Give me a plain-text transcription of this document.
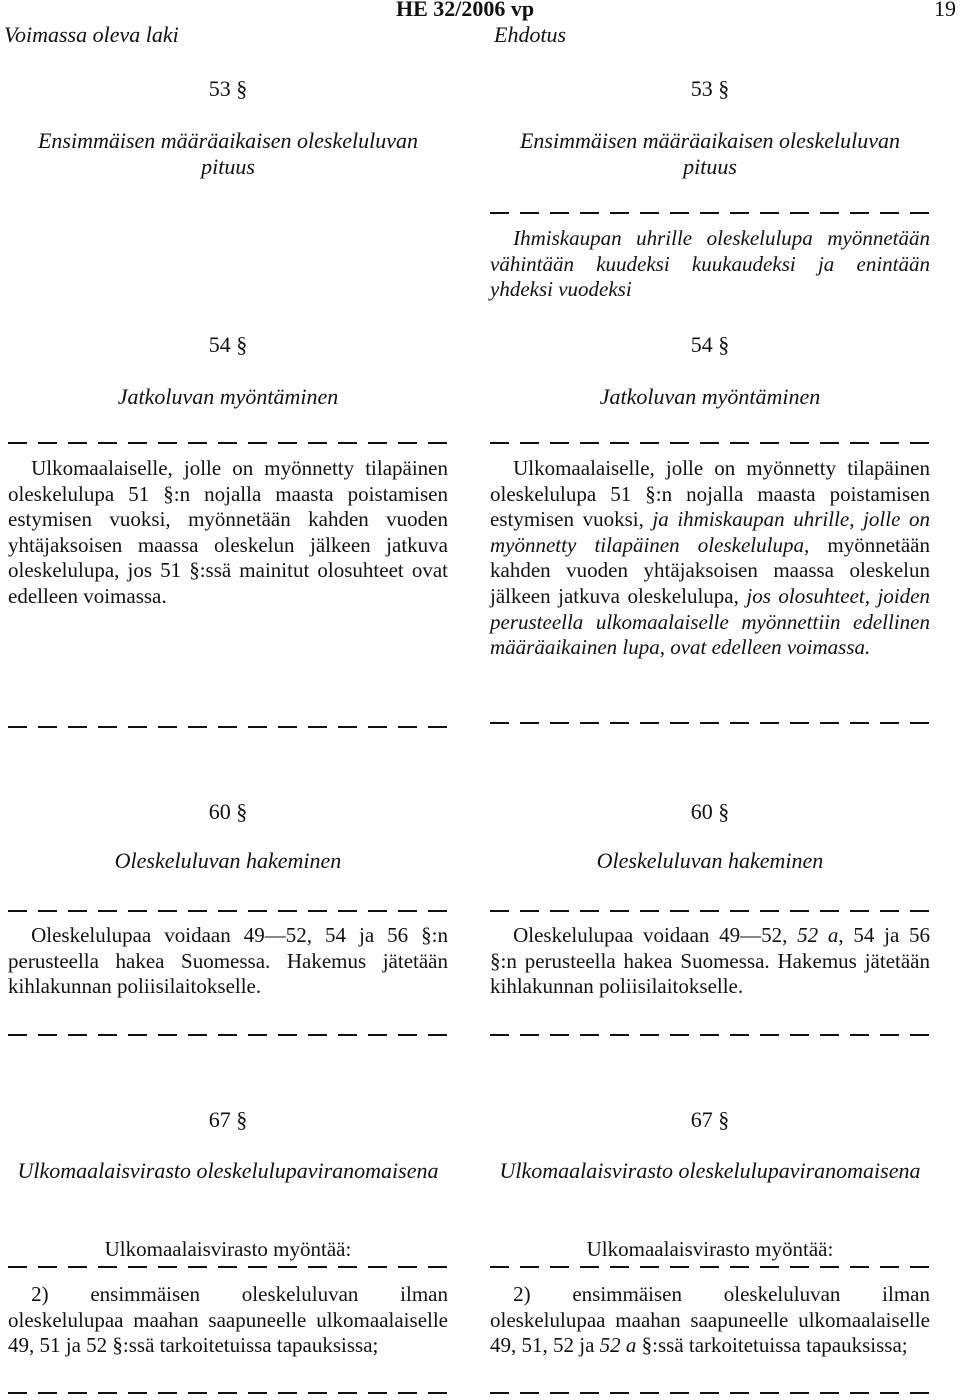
Voimassa oleva laki
HE 32/2006 vp
Ehdotus
19
53 §
Ensimmäisen määräaikaisen oleskeluluvan pituus
54 §
Jatkoluvan myöntäminen
Ulkomaalaiselle, jolle on myönnetty tilapäinen oleskelulupa 51 §:n nojalla maasta poistamisen estymisen vuoksi, myönnetään kahden vuoden yhtäjaksoisen maassa oleskelun jälkeen jatkuva oleskelulupa, jos 51 §:ssä mainitut olosuhteet ovat edelleen voimassa.
60 §
Oleskeluluvan hakeminen
Oleskelulupaa voidaan 49—52, 54 ja 56 §:n perusteella hakea Suomessa. Hakemus jätetään kihlakunnan poliisilaitokselle.
67 §
Ulkomaalaisvirasto oleskelulupaviranomaisena
Ulkomaalaisvirasto myöntää:
2) ensimmäisen oleskeluluvan ilman oleskelulupaa maahan saapuneelle ulkomaalaiselle 49, 51 ja 52 §:ssä tarkoitetuissa tapauksissa;
53 §
Ensimmäisen määräaikaisen oleskeluluvan pituus
Ihmiskaupan uhrille oleskelulupa myönnetään vähintään kuudeksi kuukaudeksi ja enintään yhdeksi vuodeksi
54 §
Jatkoluvan myöntäminen
Ulkomaalaiselle, jolle on myönnetty tilapäinen oleskelulupa 51 §:n nojalla maasta poistamisen estymisen vuoksi, ja ihmiskaupan uhrille, jolle on myönnetty tilapäinen oleskelulupa, myönnetään kahden vuoden yhtäjaksoisen maassa oleskelun jälkeen jatkuva oleskelulupa, jos olosuhteet, joiden perusteella ulkomaalaiselle myönnettiin edellinen määräaikainen lupa, ovat edelleen voimassa.
60 §
Oleskeluluvan hakeminen
Oleskelulupaa voidaan 49—52, 52 a, 54 ja 56 §:n perusteella hakea Suomessa. Hakemus jätetään kihlakunnan poliisilaitokselle.
67 §
Ulkomaalaisvirasto oleskelulupaviranomaisena
Ulkomaalaisvirasto myöntää:
2) ensimmäisen oleskeluluvan ilman oleskelulupaa maahan saapuneelle ulkomaalaiselle 49, 51, 52 ja 52 a §:ssä tarkoitetuissa tapauksissa;
